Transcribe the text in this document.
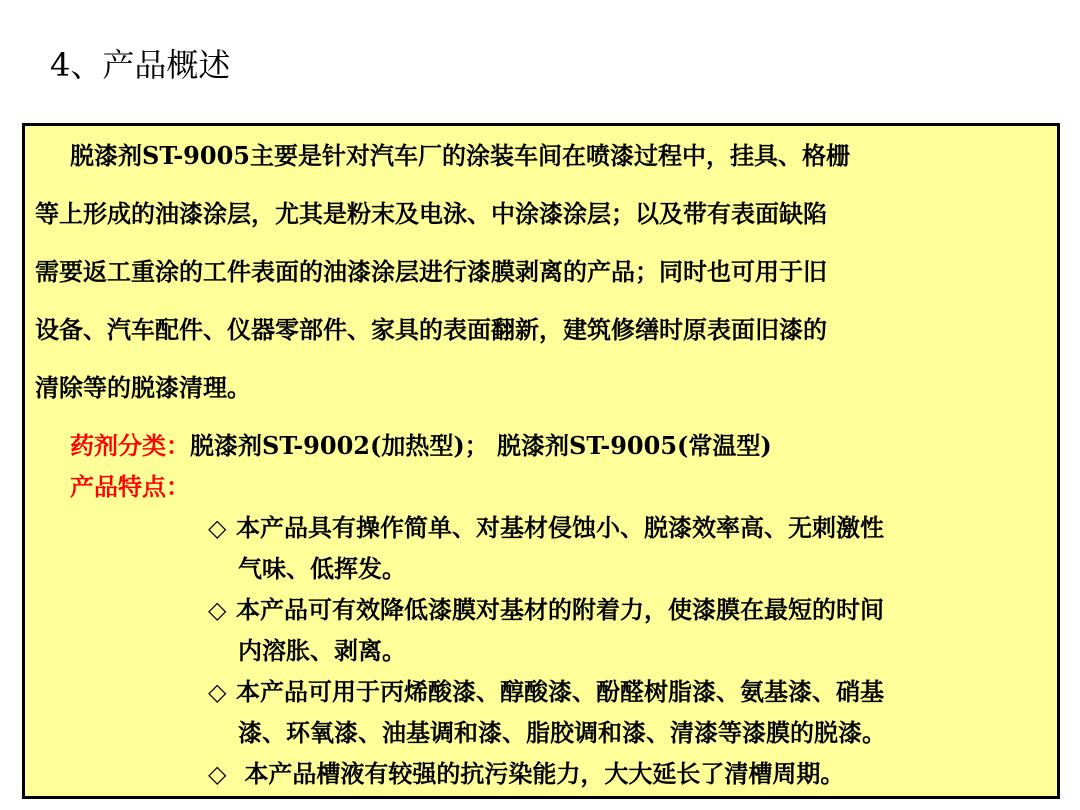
4、产品概述
脱漆剂ST-9005主要是针对汽车厂的涂装车间在喷漆过程中，挂具、格栅
等上形成的油漆涂层，尤其是粉末及电泳、中涂漆涂层；以及带有表面缺陷
需要返工重涂的工件表面的油漆涂层进行漆膜剥离的产品；同时也可用于旧
设备、汽车配件、仪器零部件、家具的表面翻新，建筑修缮时原表面旧漆的
清除等的脱漆清理。
药剂分类：脱漆剂ST-9002(加热型)； 脱漆剂ST-9005(常温型)
产品特点：
◇ 本产品具有操作简单、对基材侵蚀小、脱漆效率高、无刺激性
气味、低挥发。
◇ 本产品可有效降低漆膜对基材的附着力，使漆膜在最短的时间
内溶胀、剥离。
◇ 本产品可用于丙烯酸漆、醇酸漆、酚醛树脂漆、氨基漆、硝基
漆、环氧漆、油基调和漆、脂胶调和漆、清漆等漆膜的脱漆。
◇ 本产品槽液有较强的抗污染能力，大大延长了清槽周期。
